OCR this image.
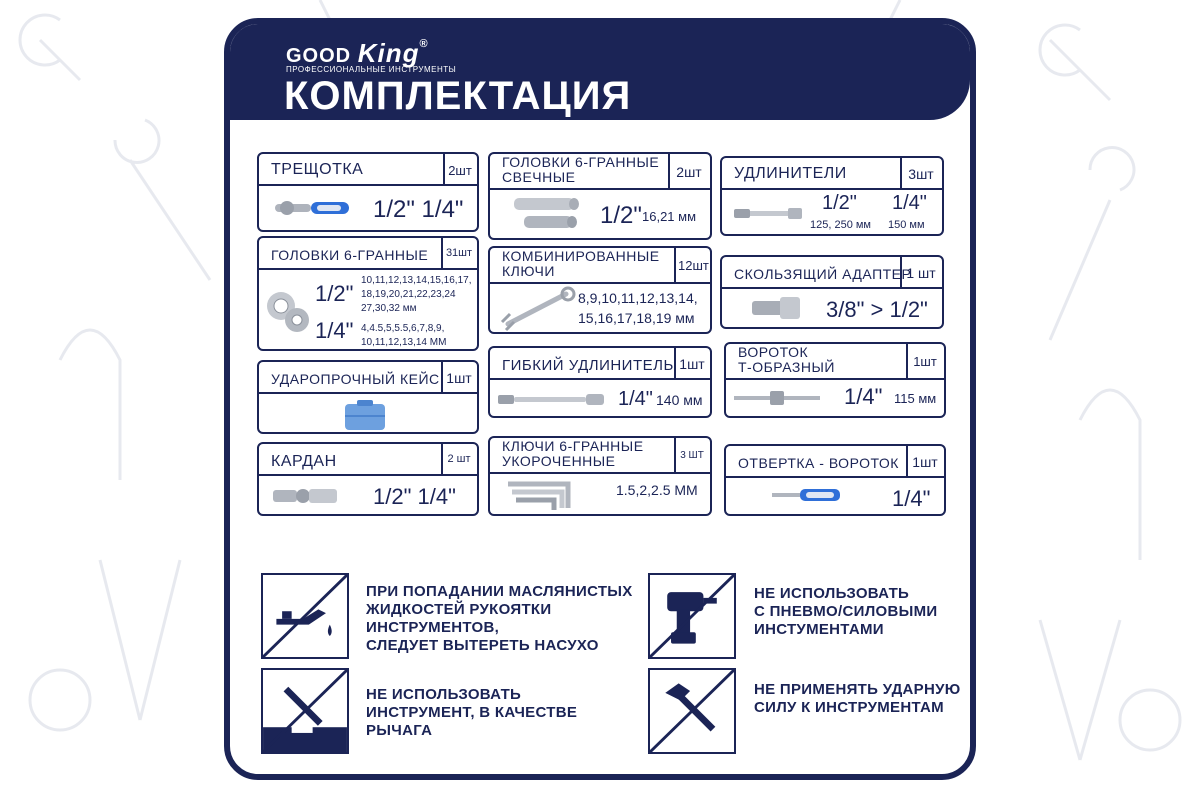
GOOD King®
ПРОФЕССИОНАЛЬНЫЕ ИНСТРУМЕНТЫ
КОМПЛЕКТАЦИЯ
ТРЕЩОТКА	2шт
1/2" 1/4"
ГОЛОВКИ 6-ГРАННЫЕ	31шт
1/2"
10,11,12,13,14,15,16,17,
18,19,20,21,22,23,24
27,30,32 мм
1/4" 4,4.5,5,5.5,6,7,8,9,
10,11,12,13,14 ММ
УДАРОПРОЧНЫЙ КЕЙС 1шт
КАРДАН	2 шт
1/2" 1/4"
ГОЛОВКИ 6-ГРАННЫЕ
СВЕЧНЫЕ	2шт
1/2" 16,21 мм
КОМБИНИРОВАННЫЕ
КЛЮЧИ	12шт
8,9,10,11,12,13,14,
15,16,17,18,19 мм
ГИБКИЙ УДЛИНИТЕЛЬ 1шт
1/4" 140 мм
КЛЮЧИ 6-ГРАННЫЕ
УКОРОЧЕННЫЕ	3 ШТ
1.5,2,2.5 ММ
УДЛИНИТЕЛИ	3шт
1/2"
125, 250 мм
1/4"
150 мм
СКОЛЬЗЯЩИЙ АДАПТЕР
1 шт
3/8" > 1/2"
ВОРОТОК
Т-ОБРАЗНЫЙ	1шт
1/4" 115 мм
ОТВЕРТКА - ВОРОТОК 1шт
1/4"
ПРИ ПОПАДАНИИ МАСЛЯНИСТЫХ
ЖИДКОСТЕЙ РУКОЯТКИ
ИНСТРУМЕНТОВ,
СЛЕДУЕТ ВЫТЕРЕТЬ НАСУХО
НЕ ИСПОЛЬЗОВАТЬ
ИНСТРУМЕНТ, В КАЧЕСТВЕ
РЫЧАГА
НЕ ИСПОЛЬЗОВАТЬ
С ПНЕВМО/СИЛОВЫМИ
ИНСТУМЕНТАМИ
НЕ ПРИМЕНЯТЬ УДАРНУЮ
СИЛУ К ИНСТРУМЕНТАМ
